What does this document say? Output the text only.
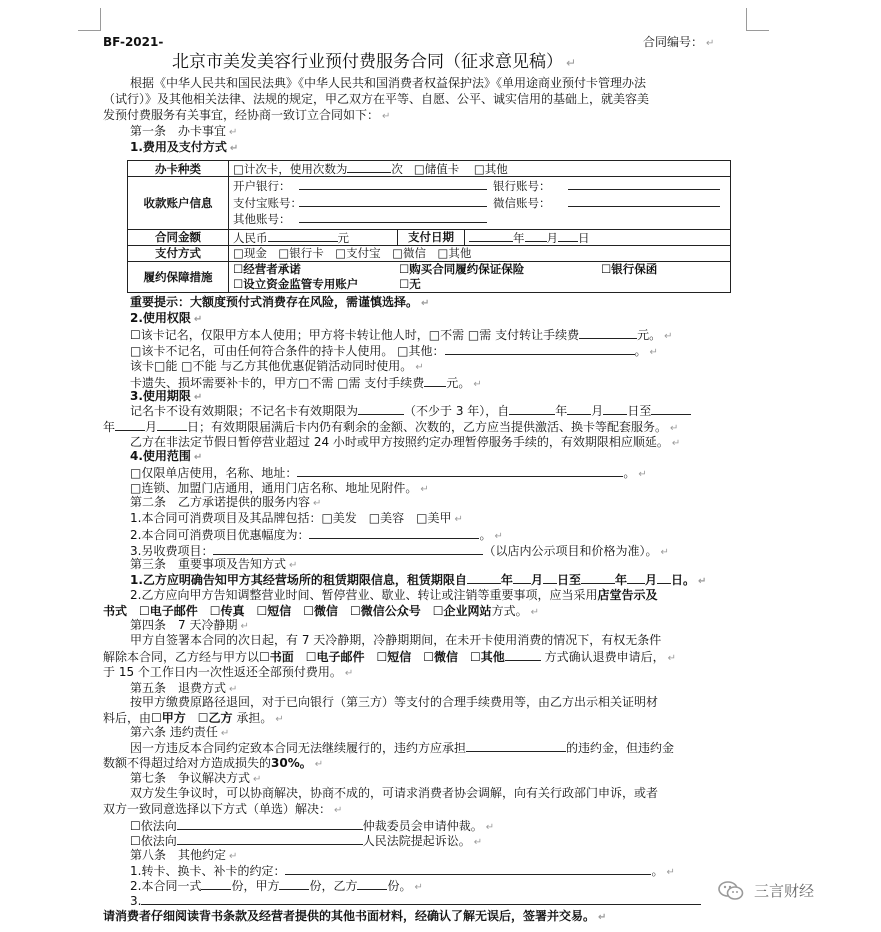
BF-2021-	合同编号： ↵
北京市美发美容行业预付费服务合同（征求意见稿） ↵
根据《中华人民共和国民法典》《中华人民共和国消费者权益保护法》《单用途商业预付卡管理办法
（试行）》及其他相关法律、法规的规定，甲乙双方在平等、自愿、公平、诚实信用的基础上，就美容美
发预付费服务有关事宜，经协商一致订立合同如下： ↵
第一条　办卡事宜 ↵
1.费用及支付方式 ↵
办卡种类	□计次卡，使用次数为 次 □储值卡 □其他		
收款账户信息	开户银行： 银行账号：
支付宝账号： 微信账号：
其他账号：		

合同金额	人民币 元	支付日期	年 月 日
支付方式	□现金　□银行卡　□支付宝　□微信　□其他		
履约保障措施	☐经营者承诺 ☐购买合同履约保证保险 ☐银行保函
☐设立资金监管专用账户 ☐无		
重要提示：大额度预付式消费存在风险，需谨慎选择。 ↵
2.使用权限 ↵
☐该卡记名，仅限甲方本人使用；甲方将卡转让他人时，□不需 □需 支付转让手续费	元。 ↵
□该卡不记名，可由任何符合条件的持卡人使用。 □其他：	。 ↵
该卡□能 □不能 与乙方其他优惠促销活动同时使用。 ↵
卡遗失、损坏需要补卡的，甲方□不需 □需 支付手续费 元。 ↵
3.使用期限 ↵
记名卡不设有效期限；不记名卡有效期限为	（不少于 3 年），自	年 月 日至
年	月	日；有效期限届满后卡内仍有剩余的金额、次数的，乙方应当提供激活、换卡等配套服务。 ↵
乙方在非法定节假日暂停营业超过 24 小时或甲方按照约定办理暂停服务手续的，有效期限相应顺延。 ↵
4.使用范围 ↵
□仅限单店使用，名称、地址：	。 ↵
□连锁、加盟门店通用，通用门店名称、地址见附件。 ↵
第二条　乙方承诺提供的服务内容 ↵
1.本合同可消费项目及其品牌包括：□美发　□美容　□美甲 ↵
2.本合同可消费项目优惠幅度为：	。 ↵
3.另收费项目：	（以店内公示项目和价格为准）。 ↵
第三条　重要事项及告知方式 ↵
1.乙方应明确告知甲方其经营场所的租赁期限信息，租赁期限自	年 月 日至	年 月 日。 ↵
2.乙方应向甲方告知调整营业时间、暂停营业、歇业、转让或注销等重要事项，应当采用店堂告示及
书式　☐电子邮件　☐传真　☐短信　☐微信　☐微信公众号　☐企业网站方式。 ↵
第四条　7 天冷静期 ↵
甲方自签署本合同的次日起，有 7 天冷静期，冷静期期间，在未开卡使用消费的情况下，有权无条件
解除本合同，乙方经与甲方以☐书面　☐电子邮件　☐短信　☐微信　☐其他	方式确认退费申请后， ↵
于 15 个工作日内一次性返还全部预付费用。 ↵
第五条　退费方式 ↵
按甲方缴费原路径退回，对于已向银行（第三方）等支付的合理手续费用等，由乙方出示相关证明材
料后，由☐甲方　☐乙方 承担。 ↵
第六条 违约责任 ↵
因一方违反本合同约定致本合同无法继续履行的，违约方应承担	的违约金，但违约金
数额不得超过给对方造成损失的30%。 ↵
第七条　争议解决方式 ↵
双方发生争议时，可以协商解决，协商不成的，可请求消费者协会调解，向有关行政部门申诉，或者
双方一致同意选择以下方式（单选）解决： ↵
☐依法向	仲裁委员会申请仲裁。 ↵
☐依法向	人民法院提起诉讼。 ↵
第八条　其他约定 ↵
1.转卡、换卡、补卡的约定：	。 ↵
2.本合同一式	份，甲方	份，乙方	份。 ↵
3.
请消费者仔细阅读背书条款及经营者提供的其他书面材料，经确认了解无误后，签署并交易。 ↵
三言财经
